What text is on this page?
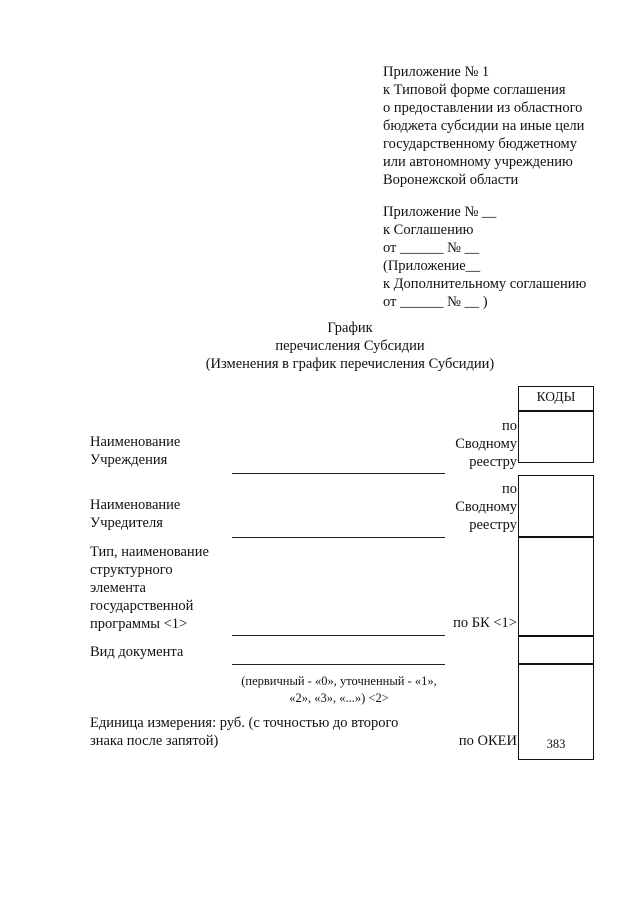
Приложение № 1
к Типовой форме соглашения
о предоставлении из областного
бюджета субсидии на иные цели
государственному бюджетному
или автономному учреждению
Воронежской области
Приложение № __
к Соглашению
от ______ № __
(Приложение__
к Дополнительному соглашению
от ______ № __ )
График
перечисления Субсидии
(Изменения в график перечисления Субсидии)
КОДЫ
383
Наименование
Учреждения
по
Сводному
реестру
Наименование
Учредителя
по
Сводному
реестру
Тип, наименование
структурного
элемента
государственной
программы <1>	по БК <1>
Вид документа
(первичный - «0», уточненный - «1»,
«2», «3», «...») <2>
Единица измерения: руб. (с точностью до второго
знака после запятой)	по ОКЕИ
